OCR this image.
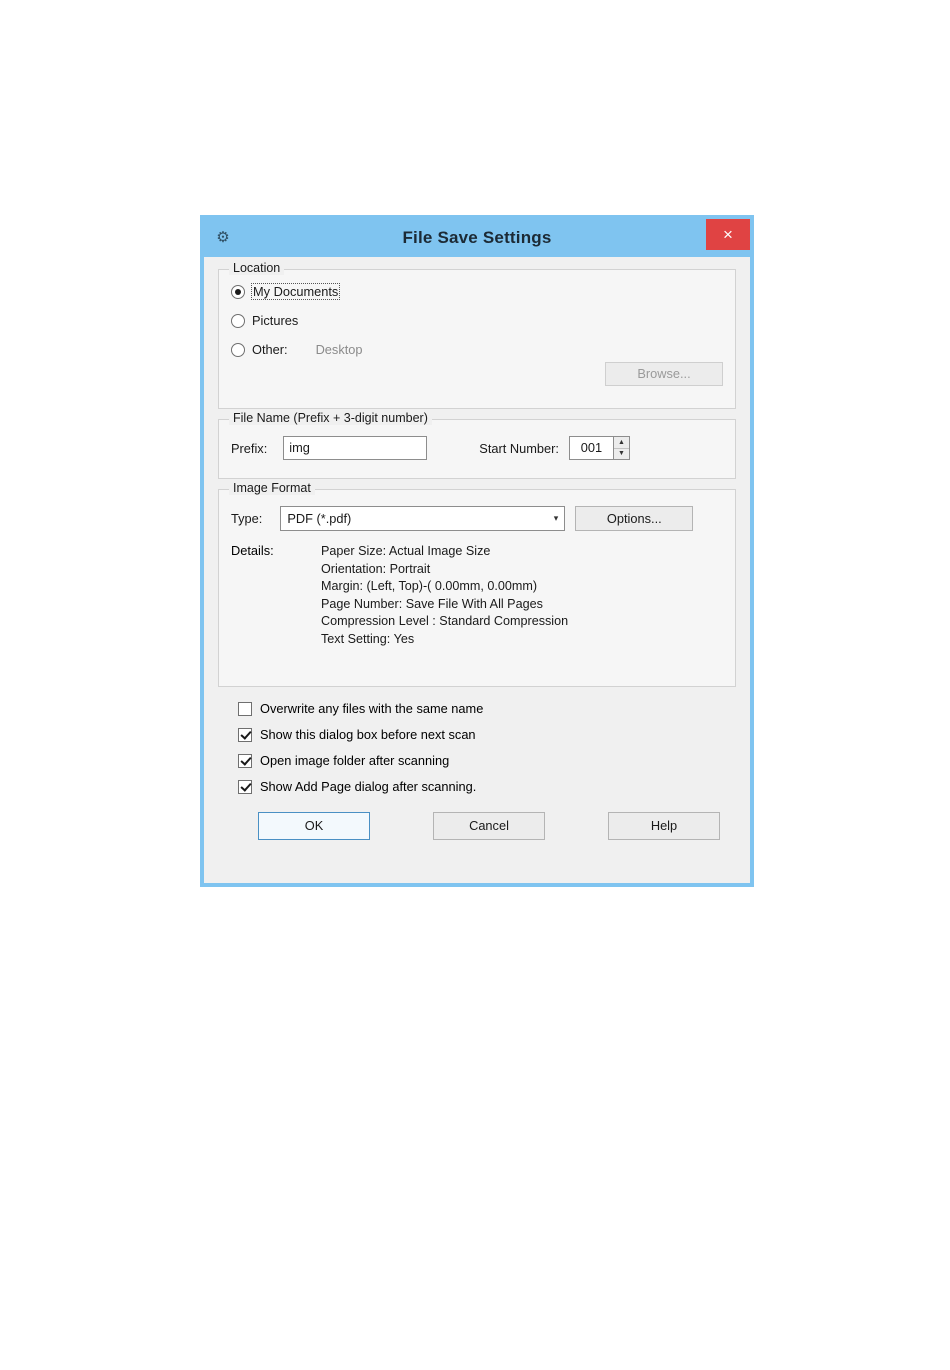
⚙	File Save Settings	×
Location
My Documents
Pictures
Other: Desktop
Browse...
File Name (Prefix + 3-digit number)
Prefix:	img	Start Number:	001	▲
▼
Image Format
Type:	PDF (*.pdf)	▾	Options...
Details:	Paper Size: Actual Image Size
Orientation: Portrait
Margin: (Left, Top)-( 0.00mm, 0.00mm)
Page Number: Save File With All Pages
Compression Level : Standard Compression
Text Setting: Yes
Overwrite any files with the same name
Show this dialog box before next scan
Open image folder after scanning
Show Add Page dialog after scanning.
OK	Cancel	Help
